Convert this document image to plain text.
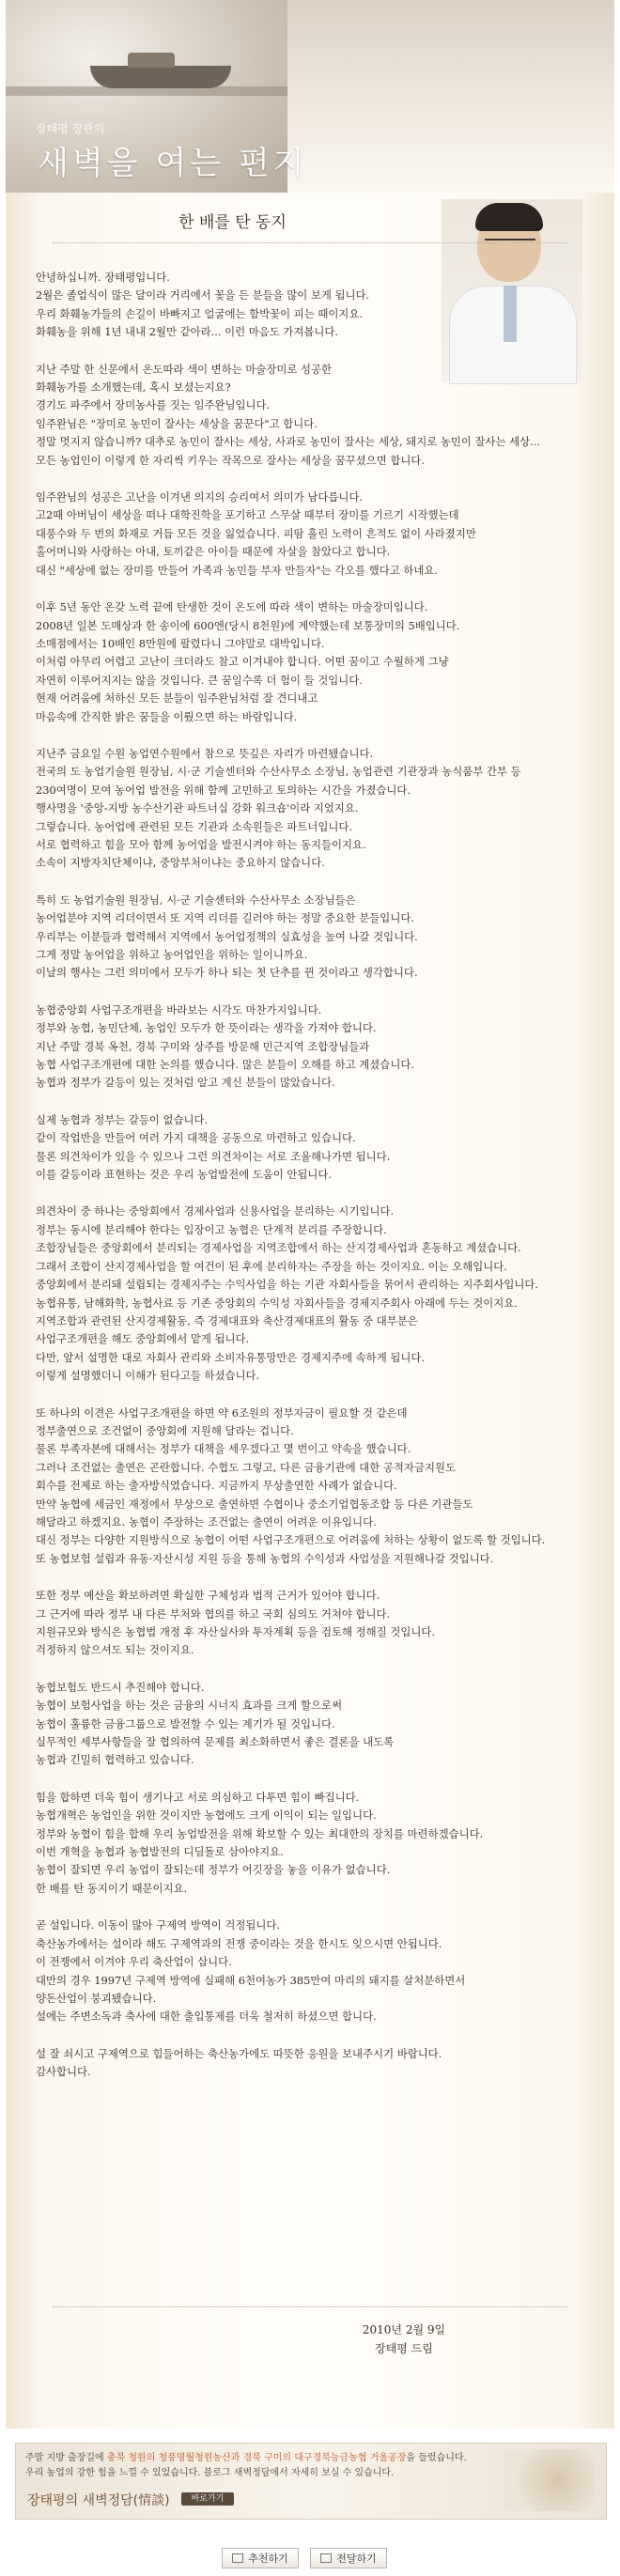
장태평 장관의
새벽을 여는 편지
한 배를 탄 동지

안녕하십니까. 장태평입니다.
2월은 졸업식이 많은 달이라 거리에서 꽃을 든 분들을 많이 보게 됩니다.
우리 화훼농가들의 손길이 바빠지고 얼굴에는 함박꽃이 피는 때이지요.
화훼농을 위해 1년 내내 2월만 같아라... 이런 마음도 가져봅니다.

지난 주말 한 신문에서 온도따라 색이 변하는 마술장미로 성공한
화훼농가를 소개했는데, 혹시 보셨는지요?
경기도 파주에서 장미농사를 짓는 임주완님입니다.
임주완님은 "장미로 농민이 잘사는 세상을 꿈꾼다"고 합니다.
정말 멋지지 않습니까? 대추로 농민이 잘사는 세상, 사과로 농민이 잘사는 세상, 돼지로 농민이 잘사는 세상...
모든 농업인이 이렇게 한 자리씩 키우는 작목으로 잘사는 세상을 꿈꾸셨으면 합니다.

임주완님의 성공은 고난을 이겨낸 의지의 승리여서 의미가 남다릅니다.
고2때 아버님이 세상을 떠나 대학진학을 포기하고 스무살 때부터 장미를 기르기 시작했는데
대풍수와 두 번의 화재로 거듭 모든 것을 잃었습니다. 피땀 흘린 노력이 흔적도 없이 사라졌지만
홀어머니와 사랑하는 아내, 토끼같은 아이들 때문에 자살을 참았다고 합니다.
대신 "세상에 없는 장미를 만들어 가족과 농민들 부자 만들자"는 각오를 했다고 하네요.

이후 5년 동안 온갖 노력 끝에 탄생한 것이 온도에 따라 색이 변하는 마술장미입니다.
2008년 일본 도매상과 한 송이에 600엔(당시 8천원)에 계약했는데 보통장미의 5배입니다.
소매점에서는 10배인 8만원에 팔렸다니 그야말로 대박입니다.
이처럼 아무리 어렵고 고난이 크더라도 참고 이겨내야 합니다. 어떤 꿈이고 수월하게 그냥
자연히 이루어지지는 않을 것입니다. 큰 꿈일수록 더 험이 들 것입니다.
현재 어려움에 처하신 모든 분들이 임주완님처럼 잘 견디내고
마음속에 간직한 밝은 꿈들을 이뤘으면 하는 바람입니다.

지난주 금요일 수원 농업연수원에서 참으로 뜻깊은 자리가 마련됐습니다.
전국의 도 농업기술원 원장님, 시·군 기술센터와 수산사무소 소장님, 농업관련 기관장과 농식품부 간부 등
230여명이 모여 농어업 발전을 위해 함께 고민하고 토의하는 시간을 가졌습니다.
행사명을 '중앙-지방 농수산기관 파트너십 강화 워크숍'이라 지었지요.
그렇습니다. 농어업에 관련된 모든 기관과 소속원들은 파트너입니다.
서로 협력하고 힘을 모아 함께 농어업을 발전시켜야 하는 동지들이지요.
소속이 지방자치단체이냐, 중앙부처이냐는 중요하지 않습니다.

특히 도 농업기술원 원장님, 시·군 기술센터와 수산사무소 소장님들은
농어업분야 지역 리더이면서 또 지역 리더를 길러야 하는 정말 중요한 분들입니다.
우리부는 이분들과 협력해서 지역에서 농어업정책의 실효성을 높여 나갈 것입니다.
그게 정말 농어업을 위하고 농어업인을 위하는 일이니까요.
이날의 행사는 그런 의미에서 모두가 하나 되는 첫 단추를 뀐 것이라고 생각합니다.

농협중앙회 사업구조개편을 바라보는 시각도 마찬가지입니다.
정부와 농협, 농민단체, 농업인 모두가 한 뜻이라는 생각을 가져야 합니다.
지난 주말 경북 옥천, 경북 구미와 상주를 방문해 민근지역 조합장님들과
농협 사업구조개편에 대한 논의를 했습니다. 많은 분들이 오해를 하고 계셨습니다.
농협과 정부가 갈등이 있는 것처럼 알고 계신 분들이 많았습니다.

실제 농협과 정부는 갈등이 없습니다.
같이 작업반을 만들어 여러 가지 대책을 공동으로 마련하고 있습니다.
물론 의견차이가 있을 수 있으나 그런 의견차이는 서로 조율해나가면 됩니다.
이를 갈등이라 표현하는 것은 우리 농업발전에 도움이 안됩니다.

의견차이 중 하나는 중앙회에서 경제사업과 신용사업을 분리하는 시기입니다.
정부는 동시에 분리해야 한다는 입장이고 농협은 단계적 분리를 주장합니다.
조합장님들은 중앙회에서 분리되는 경제사업을 지역조합에서 하는 산지경제사업과 혼동하고 계셨습니다.
그래서 조합이 산지경제사업을 할 여건이 된 후에 분리하자는 주장을 하는 것이지요. 이는 오해입니다.
중앙회에서 분리돼 설립되는 경제지주는 수익사업을 하는 기관 자회사들을 묶어서 관리하는 지주회사입니다.
농협유통, 남해화학, 농협사료 등 기존 중앙회의 수익성 자회사들을 경제지주회사 아래에 두는 것이지요.
지역조합과 관련된 산지경제활동, 즉 경제대표와 축산경제대표의 활동 중 대부분은
사업구조개편을 해도 중앙회에서 맡게 됩니다.
다만, 앞서 설명한 대로 자회사 관리와 소비자유통망만은 경제지주에 속하게 됩니다.
이렇게 설명했더니 이해가 된다고들 하셨습니다.

또 하나의 이견은 사업구조개편을 하면 약 6조원의 정부자금이 필요할 것 같은데
정부출연으로 조건없이 중앙회에 지원해 달라는 겁니다.
물론 부족자본에 대해서는 정부가 대책을 세우겠다고 몇 번이고 약속을 했습니다.
그러나 조건없는 출연은 곤란합니다. 수협도 그렇고, 다른 금융기관에 대한 공적자금지원도
회수를 전제로 하는 출자방식였습니다. 지금까지 무상출연한 사례가 없습니다.
만약 농협에 세금인 재정에서 무상으로 출연하면 수협이나 중소기업협동조합 등 다른 기관들도
해달라고 하겠지요. 농협이 주장하는 조건없는 출연이 어려운 이유입니다.
대신 정부는 다양한 지원방식으로 농협이 어떤 사업구조개편으로 어려움에 처하는 상황이 없도록 할 것입니다.
또 농협보험 설립과 유동·자산시성 지원 등을 통해 농협의 수익성과 사업성을 지원해나갈 것입니다.

또한 정부 예산을 확보하려면 확실한 구체성과 법적 근거가 있어야 합니다.
그 근거에 따라 정부 내 다른 부처와 협의를 하고 국회 심의도 거쳐야 합니다.
지원규모와 방식은 농협법 개정 후 자산실사와 투자계획 등을 검토해 정해질 것입니다.
걱정하지 않으셔도 되는 것이지요.

농협보험도 반드시 추진해야 합니다.
농협이 보험사업을 하는 것은 금융의 시너지 효과를 크게 할으로써
농협이 훌륭한 금융그룹으로 발전할 수 있는 계기가 될 것입니다.
실무적인 세부사항들을 잘 협의하여 문제를 최소화하면서 좋은 결론을 내도록
농협과 긴밀히 협력하고 있습니다.

힘을 합하면 더욱 힘이 생기나고 서로 의심하고 다투면 힘이 빠집니다.
농협개혁은 농업인을 위한 것이지만 농협에도 크게 이익이 되는 일입니다.
정부와 농협이 힘을 합해 우리 농업발전을 위해 확보할 수 있는 최대한의 장치를 마련하겠습니다.
이번 개혁을 농협과 농협발전의 디딤돌로 삼아야지요.
농협이 잘되면 우리 농업이 잘되는데 정부가 어깃장을 놓을 이유가 없습니다.
한 배를 탄 동지이기 때문이지요.

곧 설입니다. 이동이 많아 구제역 방역이 걱정됩니다.
축산농가에서는 설이라 해도 구제역과의 전쟁 중이라는 것을 한시도 잊으시면 안됩니다.
이 전쟁에서 이겨야 우리 축산업이 삽니다.
대만의 경우 1997년 구제역 방역에 실패해 6천여농가 385만여 마리의 돼지를 살처분하면서
양돈산업이 붕괴됐습니다.
설에는 주변소독과 축사에 대한 출입통제를 더욱 철저히 하셨으면 합니다.

설 잘 쇠시고 구제역으로 힘들어하는 축산농가에도 따뜻한 응원을 보내주시기 바랍니다.
감사합니다.

2010년 2월 9일
장태평 드림
주말 지방 출장길에 충북 청원의 청풍명월청원농산과 경북 구미의 대구경북능금농협 거울공장을 들렀습니다.
우리 농업의 강한 힘을 느낄 수 있었습니다. 블로그 새벽정담에서 자세히 보실 수 있습니다.
장태평의 새벽정담(情談)	바로가기
추천하기	전달하기
